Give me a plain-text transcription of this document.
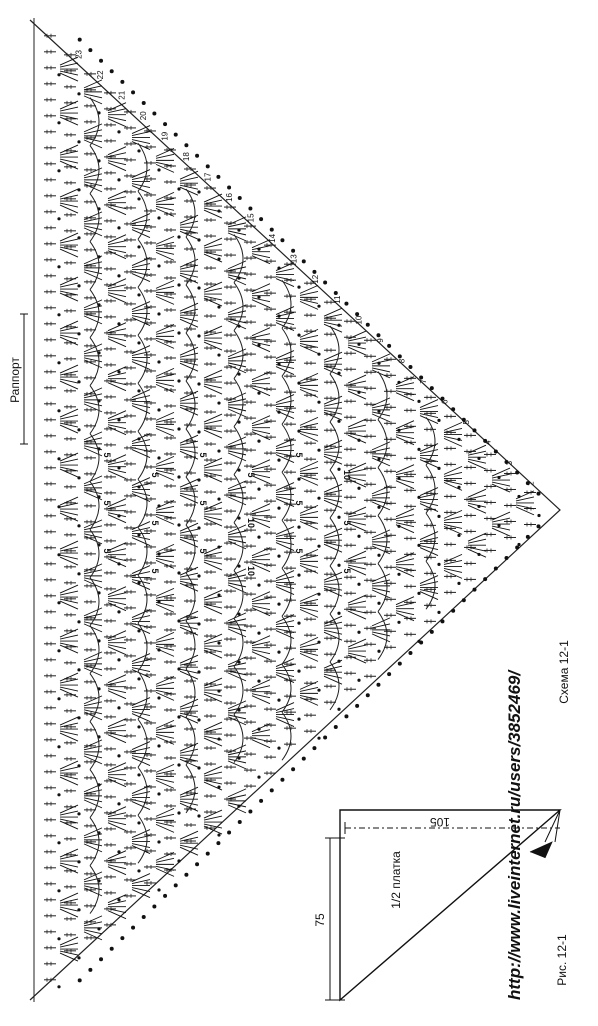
2
3
4
5
6
7
8
9
10
11
12
13
14
15
16
17
18
19
20
21
22
23
5
5
5
5
5
10
5
5
5
10
5
5
5
5
5
10
5
5
Раппорт
http://www.liveinternet.ru/users/3852469/	Схема 12-1
75
105
1/2 платка
Рис. 12-1
